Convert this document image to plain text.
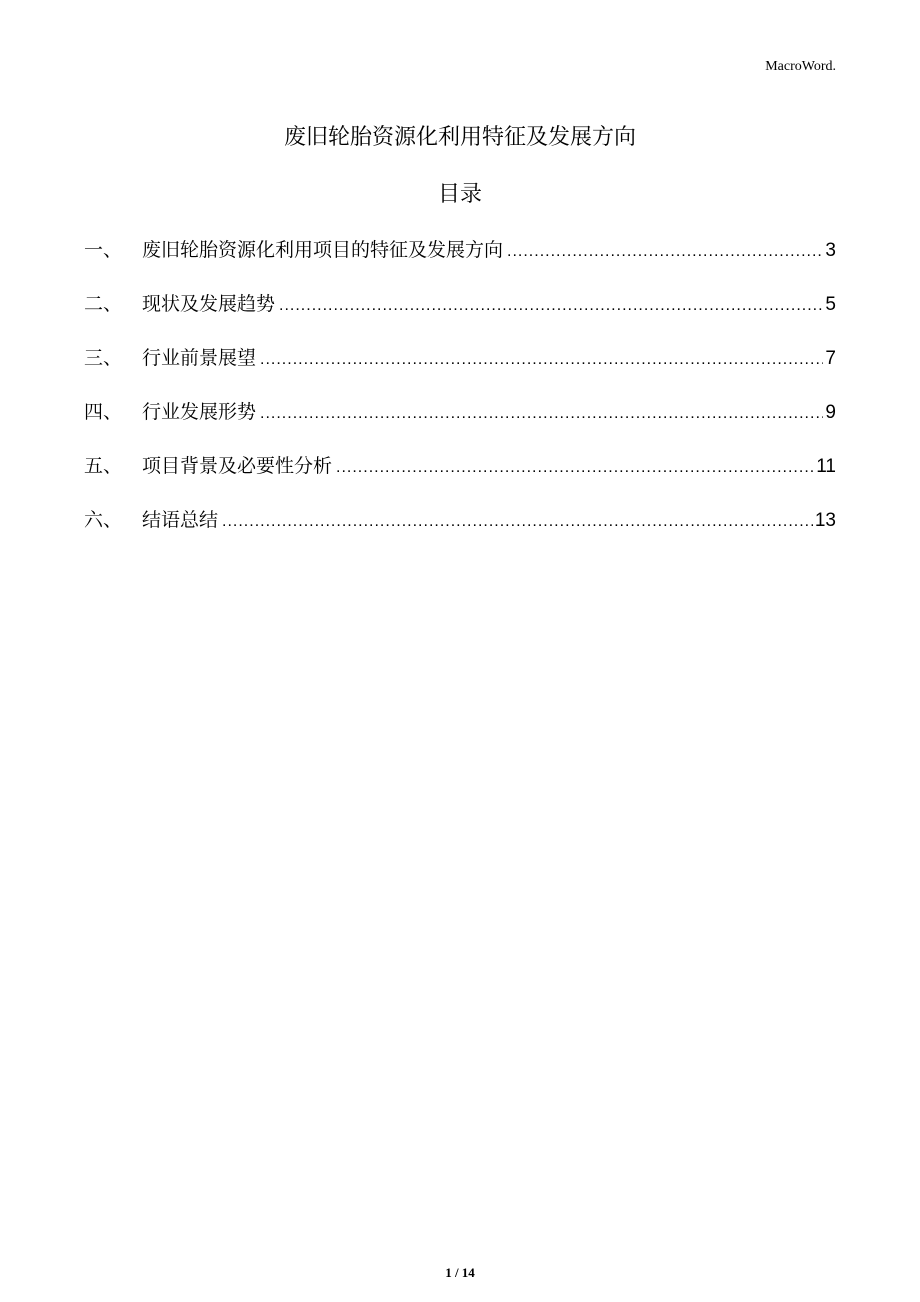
MacroWord.
废旧轮胎资源化利用特征及发展方向
目录
一、	废旧轮胎资源化利用项目的特征及发展方向 .....	3
二、	现状及发展趋势 .....	5
三、	行业前景展望 .....	7
四、	行业发展形势 .....	9
五、	项目背景及必要性分析 .....	11
六、	结语总结 .....	13
1 / 14
